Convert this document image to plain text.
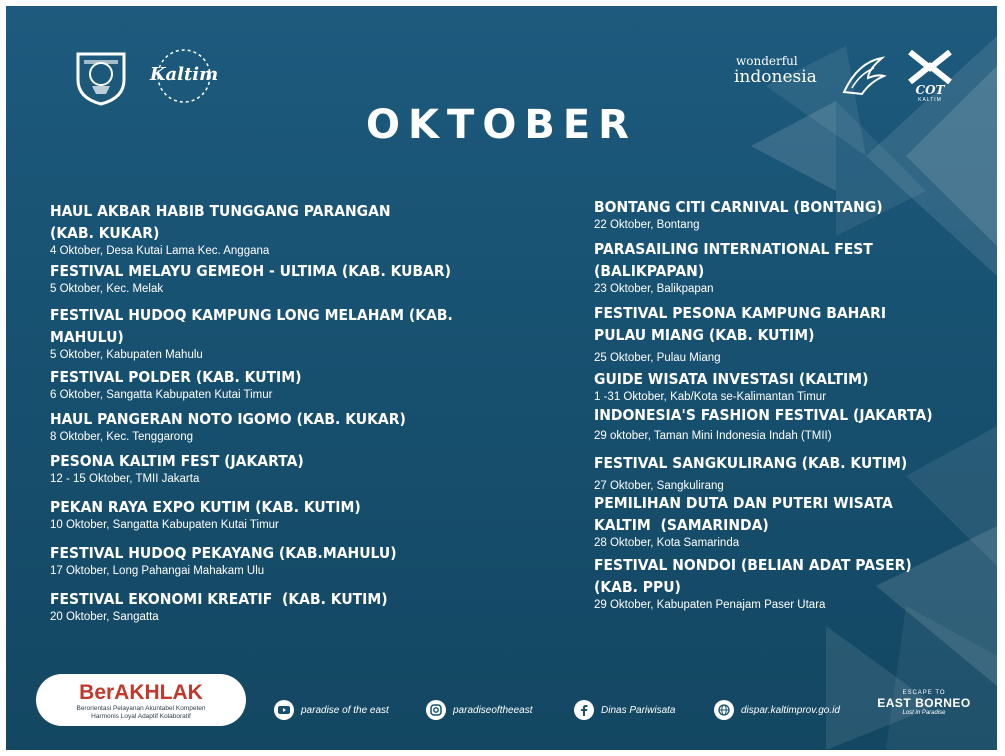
Kaltim
wonderful
indonesia
COT
KALTIM
OKTOBER
HAUL AKBAR HABIB TUNGGANG PARANGAN
(KAB. KUKAR)
4 Oktober, Desa Kutai Lama Kec. Anggana
FESTIVAL MELAYU GEMEOH - ULTIMA (KAB. KUBAR)
5 Oktober, Kec. Melak
FESTIVAL HUDOQ KAMPUNG LONG MELAHAM (KAB.
MAHULU)
5 Oktober, Kabupaten Mahulu
FESTIVAL POLDER (KAB. KUTIM)
6 Oktober, Sangatta Kabupaten Kutai Timur
HAUL PANGERAN NOTO IGOMO (KAB. KUKAR)
8 Oktober, Kec. Tenggarong
PESONA KALTIM FEST (JAKARTA)
12 - 15 Oktober, TMII Jakarta
PEKAN RAYA EXPO KUTIM (KAB. KUTIM)
10 Oktober, Sangatta Kabupaten Kutai Timur
FESTIVAL HUDOQ PEKAYANG (KAB.MAHULU)
17 Oktober, Long Pahangai Mahakam Ulu
FESTIVAL EKONOMI KREATIF  (KAB. KUTIM)
20 Oktober, Sangatta
BONTANG CITI CARNIVAL (BONTANG)
22 Oktober, Bontang
PARASAILING INTERNATIONAL FEST
(BALIKPAPAN)
23 Oktober, Balikpapan
FESTIVAL PESONA KAMPUNG BAHARI
PULAU MIANG (KAB. KUTIM)
25 Oktober, Pulau Miang
GUIDE WISATA INVESTASI (KALTIM)
1 -31 Oktober, Kab/Kota se-Kalimantan Timur
INDONESIA'S FASHION FESTIVAL (JAKARTA)
29 oktober, Taman Mini Indonesia Indah (TMII)
FESTIVAL SANGKULIRANG (KAB. KUTIM)
27 Oktober, Sangkulirang
PEMILIHAN DUTA DAN PUTERI WISATA
KALTIM  (SAMARINDA)
28 Oktober, Kota Samarinda
FESTIVAL NONDOI (BELIAN ADAT PASER)
(KAB. PPU)
29 Oktober, Kabupaten Penajam Paser Utara
BerAKHLAK
Berorientasi Pelayanan Akuntabel Kompeten
Harmonis Loyal Adaptif Kolaboratif
paradise of the east	paradiseoftheeast	Dinas Pariwisata	dispar.kaltimprov.go.id
ESCAPE TO
EAST BORNEO
Lost in Paradise
